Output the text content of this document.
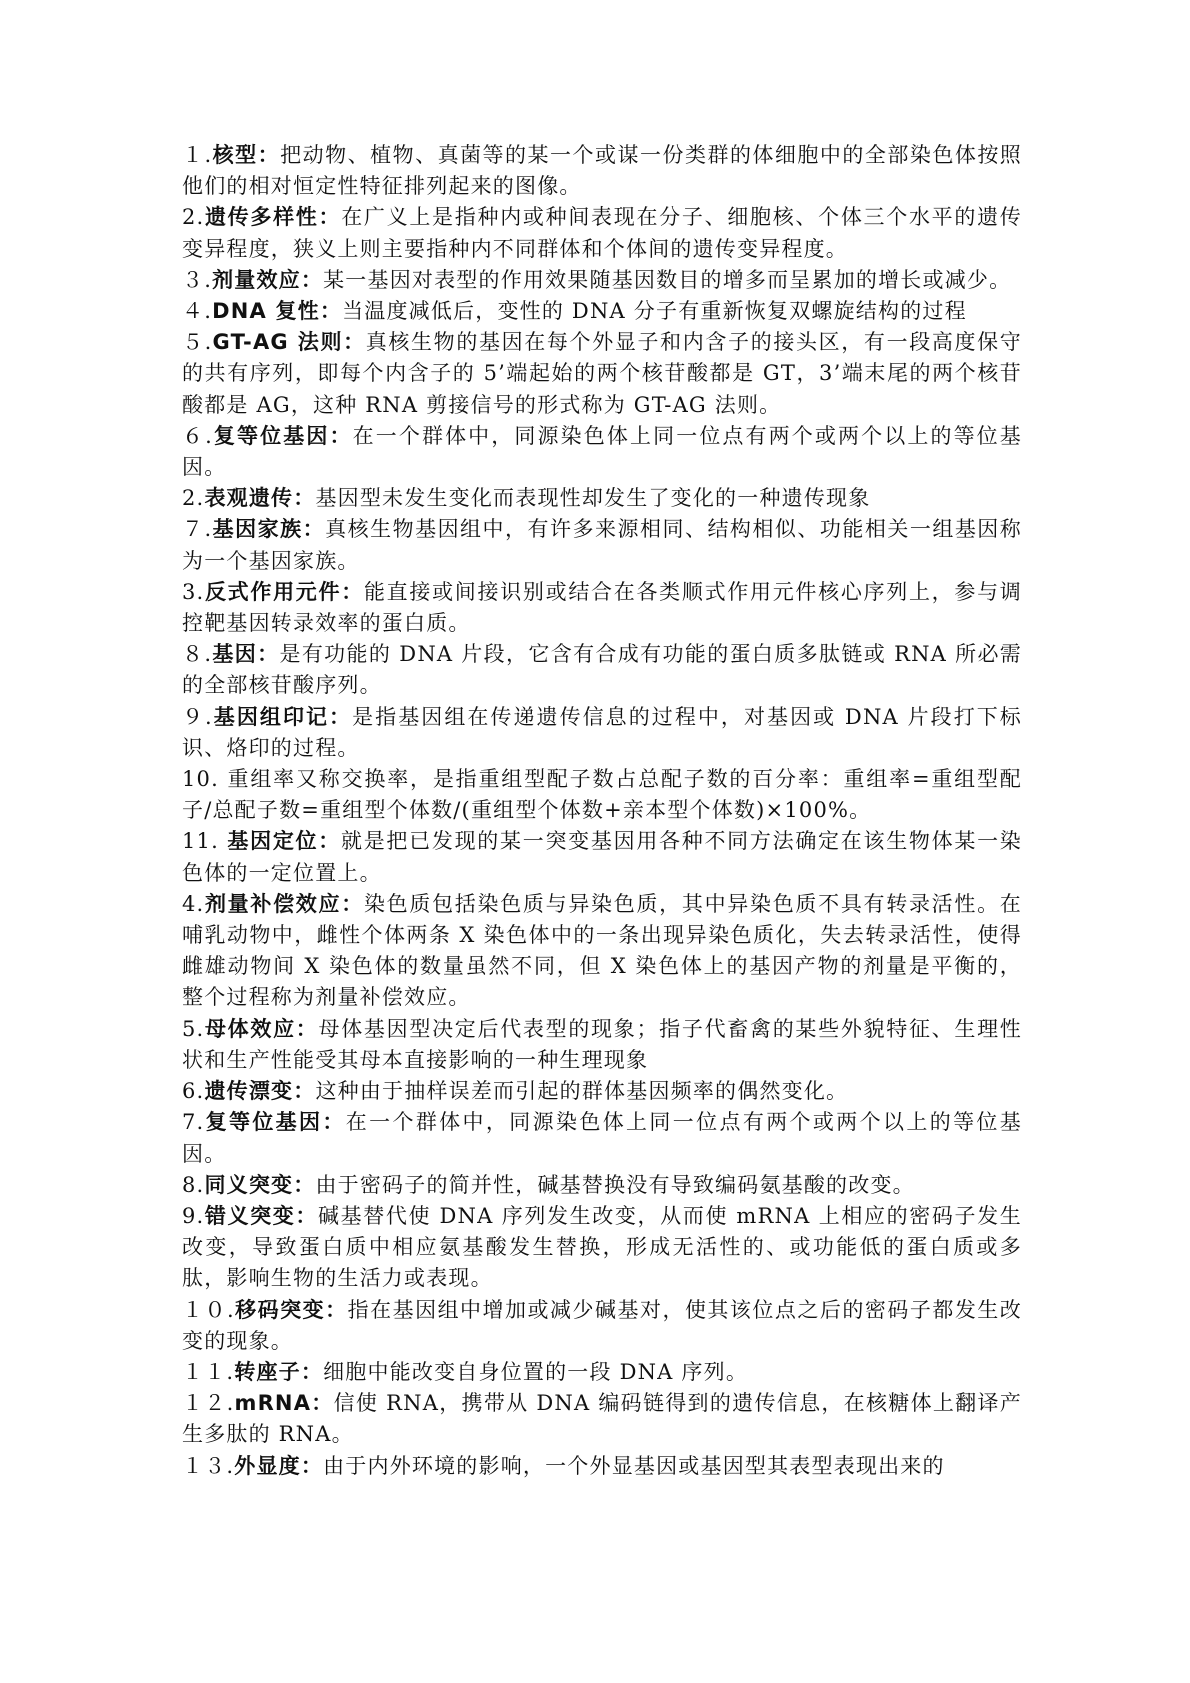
１.核型：把动物、植物、真菌等的某一个或谋一份类群的体细胞中的全部染色体按照他们的相对恒定性特征排列起来的图像。

2.遗传多样性：在广义上是指种内或种间表现在分子、细胞核、个体三个水平的遗传变异程度，狭义上则主要指种内不同群体和个体间的遗传变异程度。

３.剂量效应：某一基因对表型的作用效果随基因数目的增多而呈累加的增长或减少。

４.DNA 复性：当温度减低后，变性的 DNA 分子有重新恢复双螺旋结构的过程

５.GT-AG 法则：真核生物的基因在每个外显子和内含子的接头区，有一段高度保守的共有序列，即每个内含子的 5’端起始的两个核苷酸都是 GT，3’端末尾的两个核苷酸都是 AG，这种 RNA 剪接信号的形式称为 GT-AG 法则。

６.复等位基因：在一个群体中，同源染色体上同一位点有两个或两个以上的等位基因。

2.表观遗传：基因型未发生变化而表现性却发生了变化的一种遗传现象

７.基因家族：真核生物基因组中，有许多来源相同、结构相似、功能相关一组基因称为一个基因家族。

3.反式作用元件：能直接或间接识别或结合在各类顺式作用元件核心序列上，参与调控靶基因转录效率的蛋白质。

８.基因：是有功能的 DNA 片段，它含有合成有功能的蛋白质多肽链或 RNA 所必需的全部核苷酸序列。

９.基因组印记：是指基因组在传递遗传信息的过程中，对基因或 DNA 片段打下标识、烙印的过程。

10. 重组率又称交换率，是指重组型配子数占总配子数的百分率：重组率=重组型配子/总配子数=重组型个体数/(重组型个体数+亲本型个体数)×100%。

11. 基因定位：就是把已发现的某一突变基因用各种不同方法确定在该生物体某一染色体的一定位置上。

4.剂量补偿效应：染色质包括染色质与异染色质，其中异染色质不具有转录活性。在哺乳动物中，雌性个体两条 X 染色体中的一条出现异染色质化，失去转录活性，使得雌雄动物间 X 染色体的数量虽然不同，但 X 染色体上的基因产物的剂量是平衡的，整个过程称为剂量补偿效应。

5.母体效应：母体基因型决定后代表型的现象；指子代畜禽的某些外貌特征、生理性状和生产性能受其母本直接影响的一种生理现象

6.遗传漂变：这种由于抽样误差而引起的群体基因频率的偶然变化。

7.复等位基因：在一个群体中，同源染色体上同一位点有两个或两个以上的等位基因。

8.同义突变：由于密码子的简并性，碱基替换没有导致编码氨基酸的改变。

9.错义突变：碱基替代使 DNA 序列发生改变，从而使 mRNA 上相应的密码子发生改变，导致蛋白质中相应氨基酸发生替换，形成无活性的、或功能低的蛋白质或多肽，影响生物的生活力或表现。

１０.移码突变：指在基因组中增加或减少碱基对，使其该位点之后的密码子都发生改变的现象。

１１.转座子：细胞中能改变自身位置的一段 DNA 序列。

１２.mRNA：信使 RNA，携带从 DNA 编码链得到的遗传信息，在核糖体上翻译产生多肽的 RNA。

１３.外显度：由于内外环境的影响，一个外显基因或基因型其表型表现出来的
